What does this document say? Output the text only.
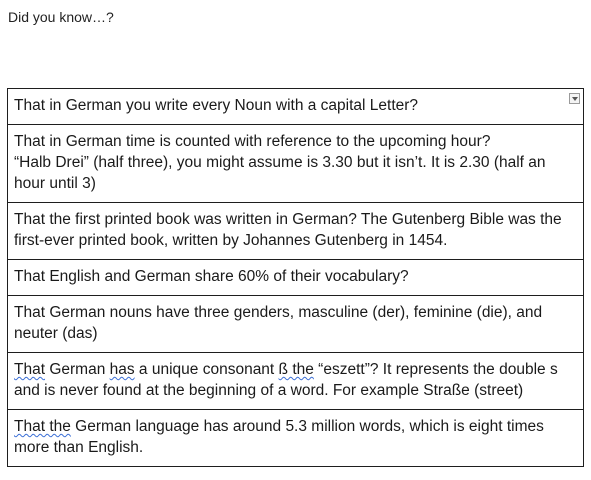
Did you know…?
That in German you write every Noun with a capital Letter?

That in German time is counted with reference to the upcoming hour?
“Halb Drei” (half three), you might assume is 3.30 but it isn’t. It is 2.30 (half an hour until 3)
That the first printed book was written in German? The Gutenberg Bible was the first-ever printed book, written by Johannes Gutenberg in 1454.
That English and German share 60% of their vocabulary?
That German nouns have three genders, masculine (der), feminine (die), and neuter (das)
That German has a unique consonant ß the “eszett”? It represents the double s and is never found at the beginning of a word. For example Straße (street)
That the German language has around 5.3 million words, which is eight times more than English.
